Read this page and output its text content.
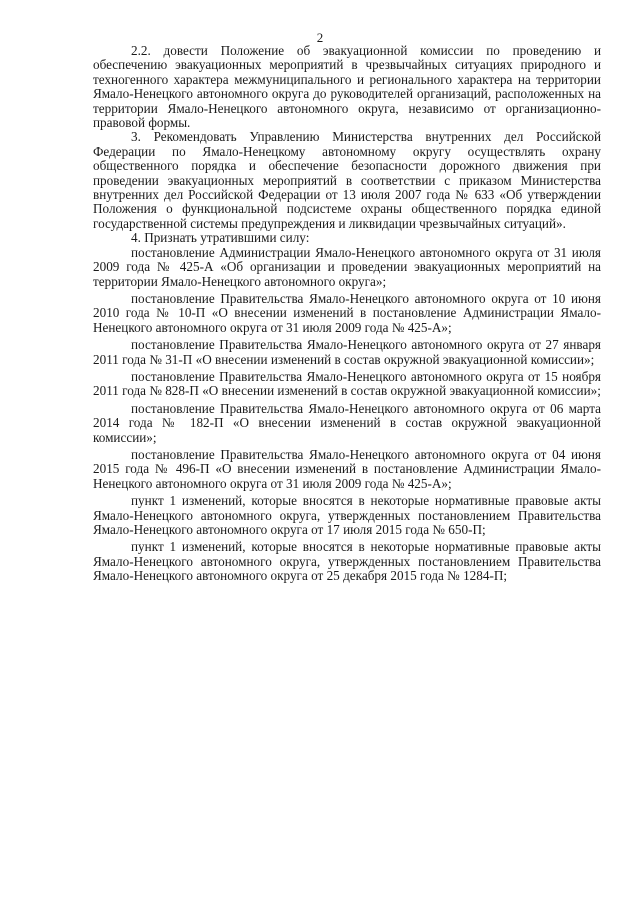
2

2.2. довести Положение об эвакуационной комиссии по проведению и обеспечению эвакуационных мероприятий в чрезвычайных ситуациях природного и техногенного характера межмуниципального и регионального характера на территории Ямало-Ненецкого автономного округа до руководителей организаций, расположенных на территории Ямало-Ненецкого автономного округа, независимо от организационно-правовой формы.

3. Рекомендовать Управлению Министерства внутренних дел Российской Федерации по Ямало-Ненецкому автономному округу осуществлять охрану общественного порядка и обеспечение безопасности дорожного движения при проведении эвакуационных мероприятий в соответствии с приказом Министерства внутренних дел Российской Федерации от 13 июля 2007 года № 633 «Об утверждении Положения о функциональной подсистеме охраны общественного порядка единой государственной системы предупреждения и ликвидации чрезвычайных ситуаций».

4. Признать утратившими силу:

постановление Администрации Ямало-Ненецкого автономного округа от 31 июля 2009 года № 425-А «Об организации и проведении эвакуационных мероприятий на территории Ямало-Ненецкого автономного округа»;

постановление Правительства Ямало-Ненецкого автономного округа от 10 июня 2010 года № 10-П «О внесении изменений в постановление Администрации Ямало-Ненецкого автономного округа от 31 июля 2009 года № 425-А»;

постановление Правительства Ямало-Ненецкого автономного округа от 27 января 2011 года № 31-П «О внесении изменений в состав окружной эвакуационной комиссии»;

постановление Правительства Ямало-Ненецкого автономного округа от 15 ноября 2011 года № 828-П «О внесении изменений в состав окружной эвакуационной комиссии»;

постановление Правительства Ямало-Ненецкого автономного округа от 06 марта 2014 года № 182-П «О внесении изменений в состав окружной эвакуационной комиссии»;

постановление Правительства Ямало-Ненецкого автономного округа от 04 июня 2015 года № 496-П «О внесении изменений в постановление Администрации Ямало-Ненецкого автономного округа от 31 июля 2009 года № 425-А»;

пункт 1 изменений, которые вносятся в некоторые нормативные правовые акты Ямало-Ненецкого автономного округа, утвержденных постановлением Правительства Ямало-Ненецкого автономного округа от 17 июля 2015 года № 650-П;

пункт 1 изменений, которые вносятся в некоторые нормативные правовые акты Ямало-Ненецкого автономного округа, утвержденных постановлением Правительства Ямало-Ненецкого автономного округа от 25 декабря 2015 года № 1284-П;
